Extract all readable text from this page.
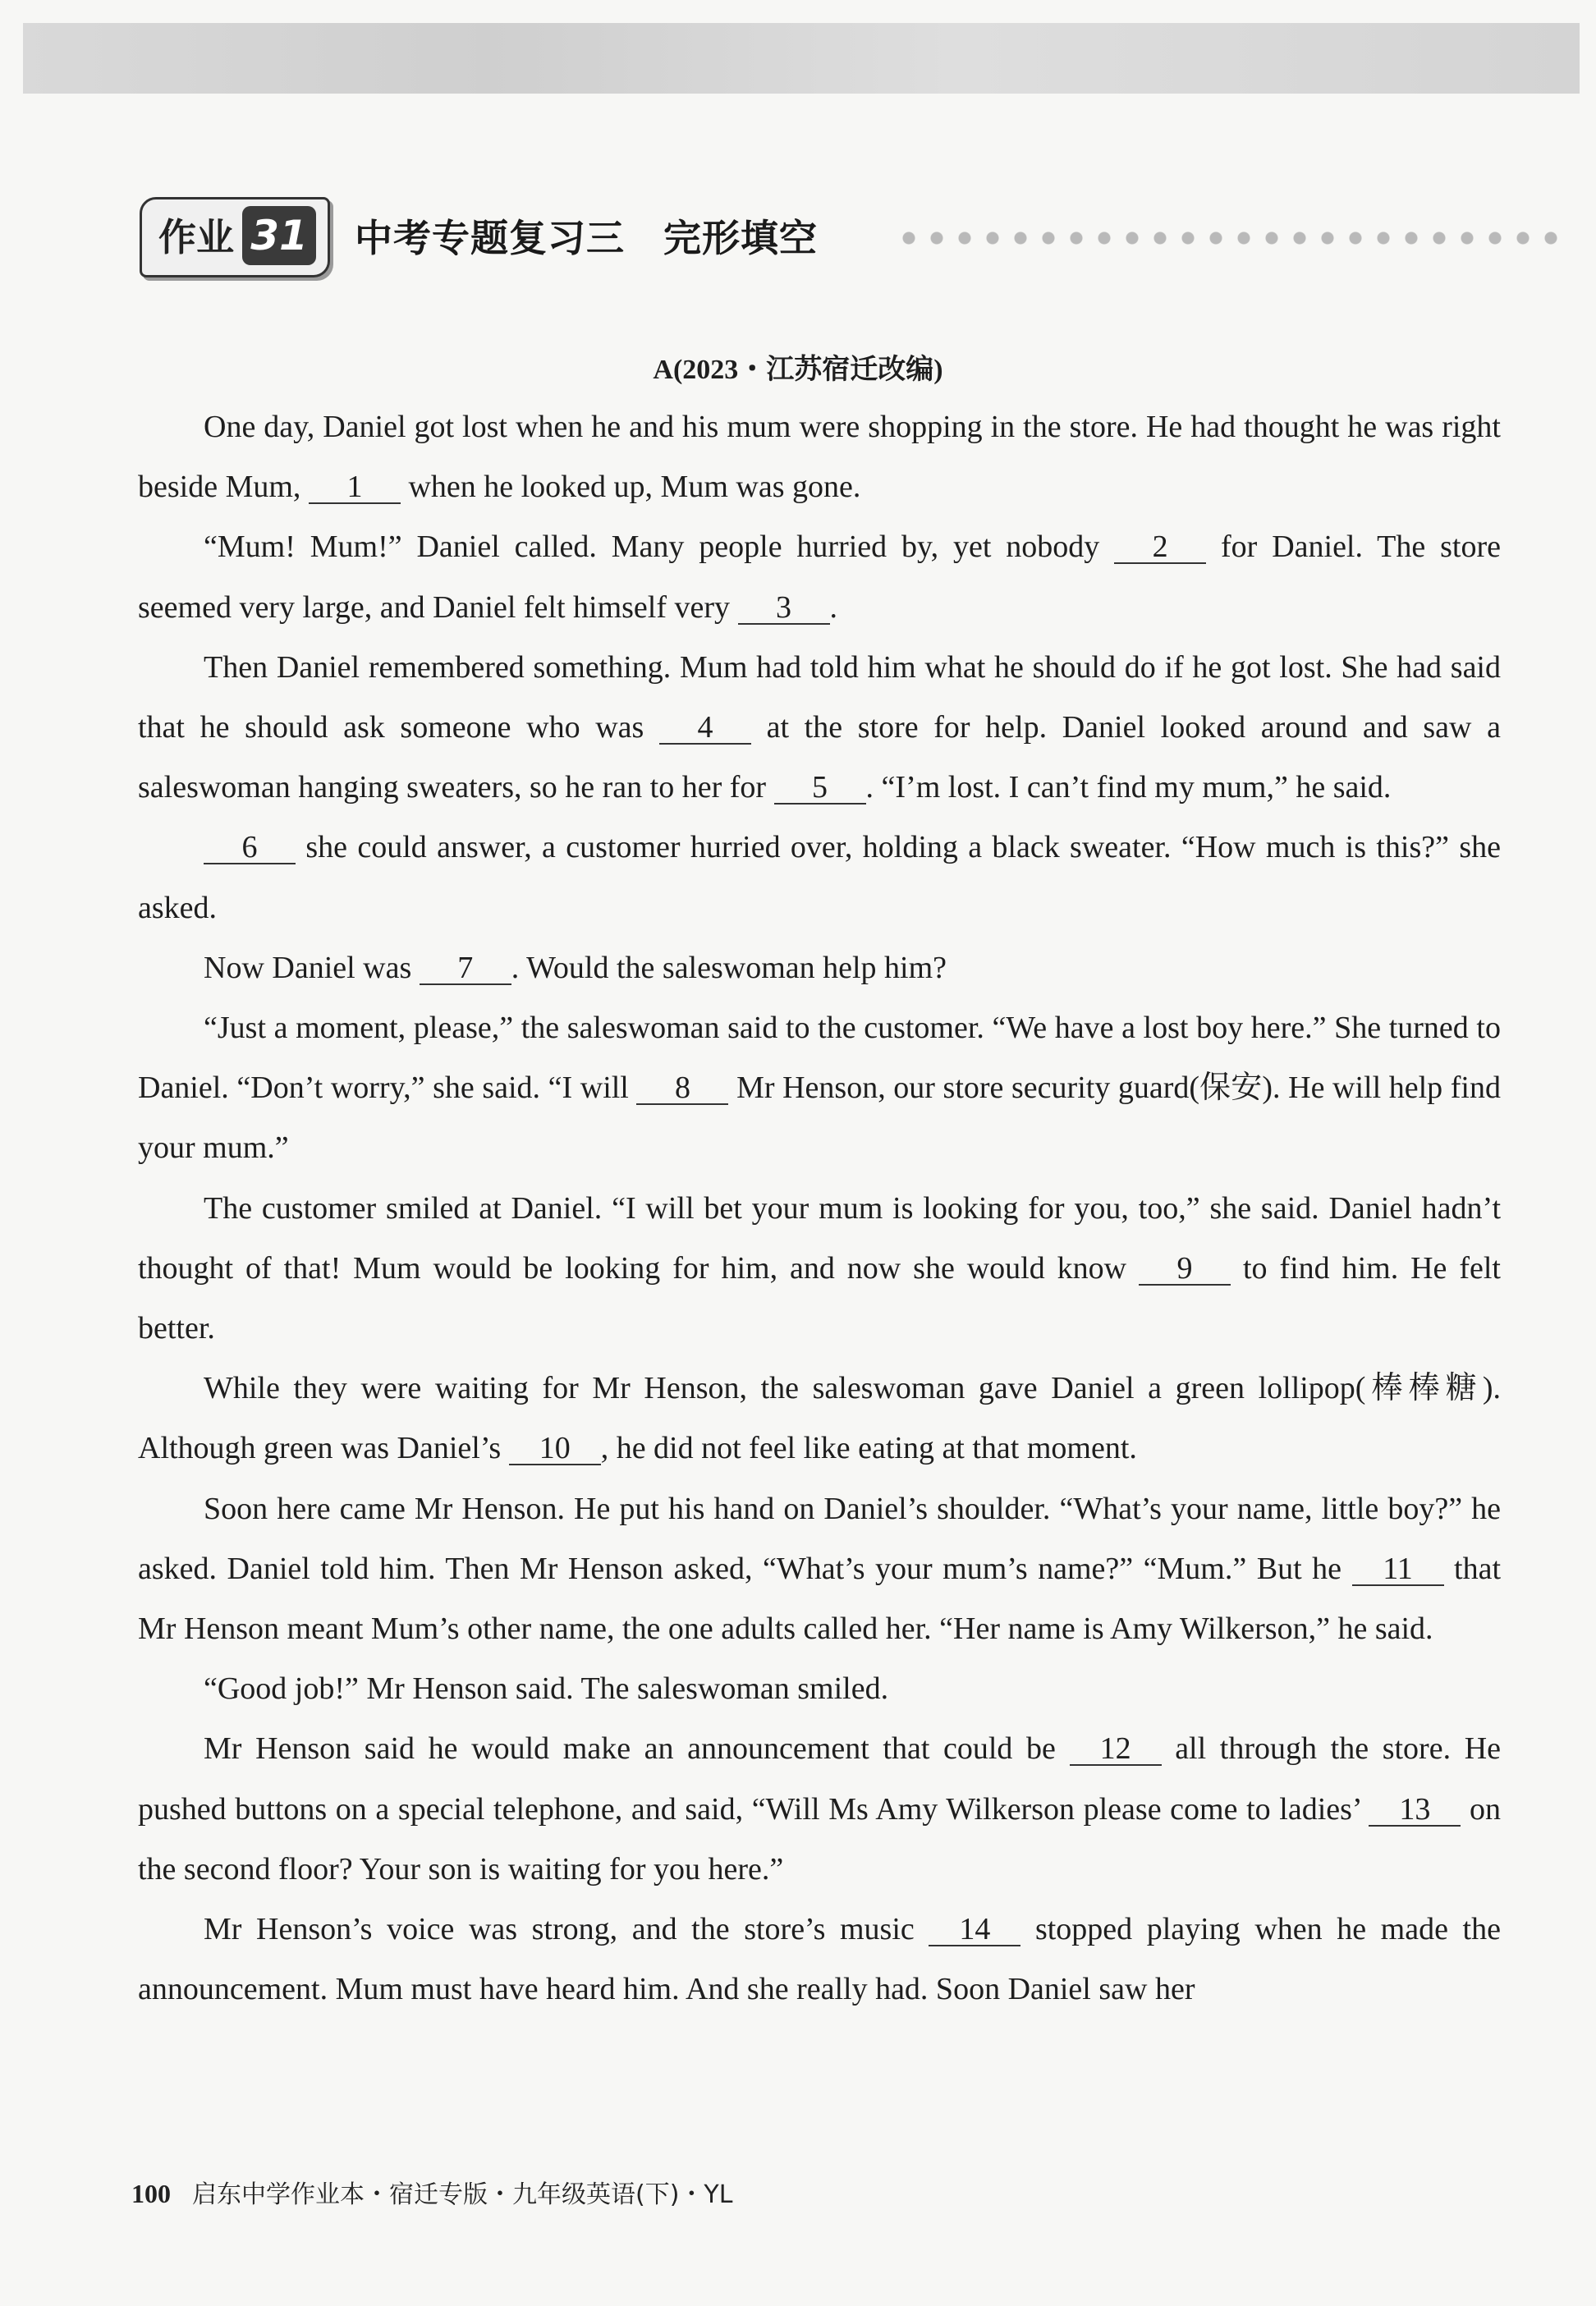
作业 31 中考专题复习三　完形填空
A(2023・江苏宿迁改编)

One day, Daniel got lost when he and his mum were shopping in the store. He had thought he was right beside Mum, 1 when he looked up, Mum was gone.

“Mum! Mum!” Daniel called. Many people hurried by, yet nobody 2 for Daniel. The store seemed very large, and Daniel felt himself very 3 .

Then Daniel remembered something. Mum had told him what he should do if he got lost. She had said that he should ask someone who was 4 at the store for help. Daniel looked around and saw a saleswoman hanging sweaters, so he ran to her for 5 . “I’m lost. I can’t find my mum,” he said.

6 she could answer, a customer hurried over, holding a black sweater. “How much is this?” she asked.

Now Daniel was 7 . Would the saleswoman help him?

“Just a moment, please,” the saleswoman said to the customer. “We have a lost boy here.” She turned to Daniel. “Don’t worry,” she said. “I will 8 Mr Henson, our store security guard(保安). He will help find your mum.”

The customer smiled at Daniel. “I will bet your mum is looking for you, too,” she said. Daniel hadn’t thought of that! Mum would be looking for him, and now she would know 9 to find him. He felt better.

While they were waiting for Mr Henson, the saleswoman gave Daniel a green lollipop(棒棒糖). Although green was Daniel’s 10 , he did not feel like eating at that moment.

Soon here came Mr Henson. He put his hand on Daniel’s shoulder. “What’s your name, little boy?” he asked. Daniel told him. Then Mr Henson asked, “What’s your mum’s name?” “Mum.” But he 11 that Mr Henson meant Mum’s other name, the one adults called her. “Her name is Amy Wilkerson,” he said.

“Good job!” Mr Henson said. The saleswoman smiled.

Mr Henson said he would make an announcement that could be 12 all through the store. He pushed buttons on a special telephone, and said, “Will Ms Amy Wilkerson please come to ladies’ 13 on the second floor? Your son is waiting for you here.”

Mr Henson’s voice was strong, and the store’s music 14 stopped playing when he made the announcement. Mum must have heard him. And she really had. Soon Daniel saw her

100 启东中学作业本・宿迁专版・九年级英语(下)・YL
